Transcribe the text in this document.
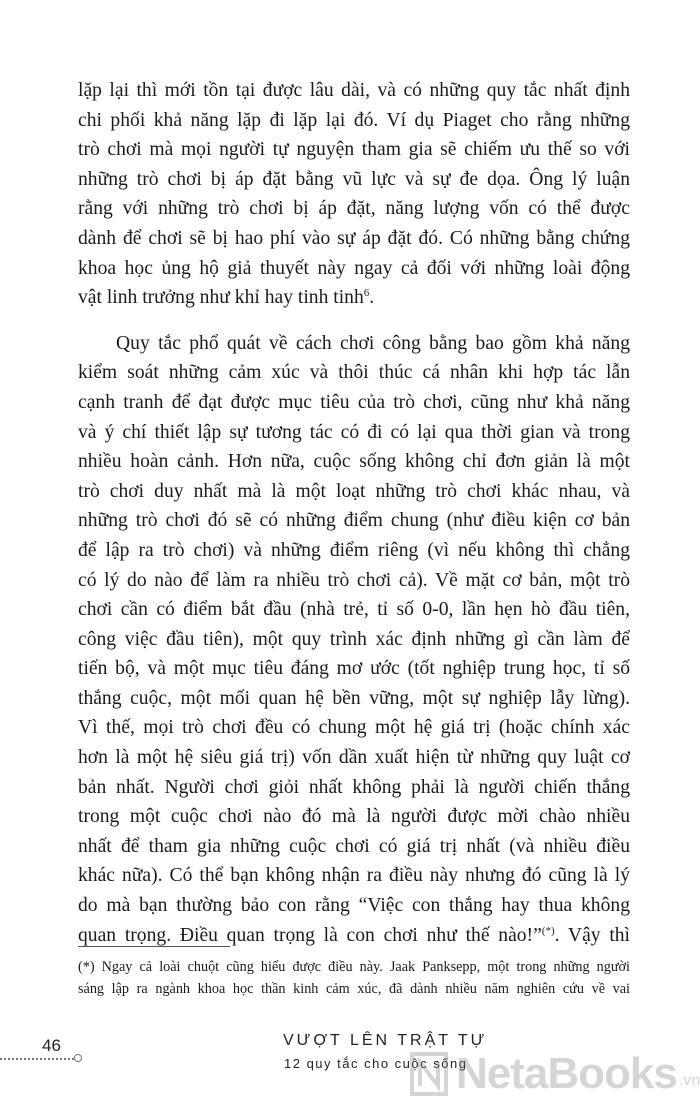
lặp lại thì mới tồn tại được lâu dài, và có những quy tắc nhất định
chi phối khả năng lặp đi lặp lại đó. Ví dụ Piaget cho rằng những
trò chơi mà mọi người tự nguyện tham gia sẽ chiếm ưu thế so với
những trò chơi bị áp đặt bằng vũ lực và sự đe dọa. Ông lý luận
rằng với những trò chơi bị áp đặt, năng lượng vốn có thể được
dành để chơi sẽ bị hao phí vào sự áp đặt đó. Có những bằng chứng
khoa học ủng hộ giả thuyết này ngay cả đối với những loài động
vật linh trưởng như khỉ hay tinh tinh$^6$.
Quy tắc phổ quát về cách chơi công bằng bao gồm khả năng
kiểm soát những cảm xúc và thôi thúc cá nhân khi hợp tác lẫn
cạnh tranh để đạt được mục tiêu của trò chơi, cũng như khả năng
và ý chí thiết lập sự tương tác có đi có lại qua thời gian và trong
nhiều hoàn cảnh. Hơn nữa, cuộc sống không chỉ đơn giản là một
trò chơi duy nhất mà là một loạt những trò chơi khác nhau, và
những trò chơi đó sẽ có những điểm chung (như điều kiện cơ bản
để lập ra trò chơi) và những điểm riêng (vì nếu không thì chẳng
có lý do nào để làm ra nhiều trò chơi cả). Về mặt cơ bản, một trò
chơi cần có điểm bắt đầu (nhà trẻ, tỉ số 0-0, lần hẹn hò đầu tiên,
công việc đầu tiên), một quy trình xác định những gì cần làm để
tiến bộ, và một mục tiêu đáng mơ ước (tốt nghiệp trung học, tỉ số
thắng cuộc, một mối quan hệ bền vững, một sự nghiệp lẫy lừng).
Vì thế, mọi trò chơi đều có chung một hệ giá trị (hoặc chính xác
hơn là một hệ siêu giá trị) vốn dần xuất hiện từ những quy luật cơ
bản nhất. Người chơi giỏi nhất không phải là người chiến thắng
trong một cuộc chơi nào đó mà là người được mời chào nhiều
nhất để tham gia những cuộc chơi có giá trị nhất (và nhiều điều
khác nữa). Có thể bạn không nhận ra điều này nhưng đó cũng là lý
do mà bạn thường bảo con rằng “Việc con thắng hay thua không
quan trọng. Điều quan trọng là con chơi như thế nào!”(*). Vậy thì
(*) Ngay cả loài chuột cũng hiểu được điều này. Jaak Panksepp, một trong những người
sáng lập ra ngành khoa học thần kinh cảm xúc, đã dành nhiều năm nghiên cứu về vai
46	VƯỢT LÊN TRẬT TỰ
12 quy tắc cho cuộc sống
NetaBooks .vn
